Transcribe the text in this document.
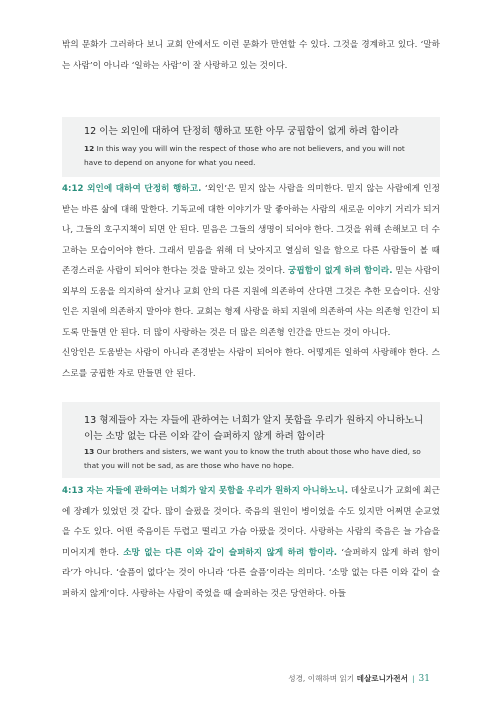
밖의 문화가 그러하다 보니 교회 안에서도 이런 문화가 만연할 수 있다. 그것을 경계하고 있다. ‘말하는 사람’이 아니라 ‘일하는 사람’이 잘 사랑하고 있는 것이다.

12 이는 외인에 대하여 단정히 행하고 또한 아무 궁핍함이 없게 하려 함이라
12 In this way you will win the respect of those who are not believers, and you will not have to depend on anyone for what you need.

4:12 외인에 대하여 단정히 행하고. ‘외인’은 믿지 않는 사람을 의미한다. 믿지 않는 사람에게 인정받는 바른 삶에 대해 말한다. 기독교에 대한 이야기가 말 좋아하는 사람의 새로운 이야기 거리가 되거나, 그들의 호구지책이 되면 안 된다. 믿음은 그들의 생명이 되어야 한다. 그것을 위해 손해보고 더 수고하는 모습이어야 한다. 그래서 믿음을 위해 더 낮아지고 열심히 일을 함으로 다른 사람들이 볼 때 존경스러운 사람이 되어야 한다는 것을 말하고 있는 것이다. 궁핍함이 없게 하려 함이라. 믿는 사람이 외부의 도움을 의지하여 살거나 교회 안의 다른 지원에 의존하여 산다면 그것은 추한 모습이다. 신앙인은 지원에 의존하지 말아야 한다. 교회는 형제 사랑을 하되 지원에 의존하여 사는 의존형 인간이 되도록 만들면 안 된다. 더 많이 사랑하는 것은 더 많은 의존형 인간을 만드는 것이 아니다.
신앙인은 도움받는 사람이 아니라 존경받는 사람이 되어야 한다. 어떻게든 일하여 사랑해야 한다. 스스로를 궁핍한 자로 만들면 안 된다.

13 형제들아 자는 자들에 관하여는 너희가 알지 못함을 우리가 원하지 아니하노니 이는 소망 없는 다른 이와 같이 슬퍼하지 않게 하려 함이라
13 Our brothers and sisters, we want you to know the truth about those who have died, so that you will not be sad, as are those who have no hope.

4:13 자는 자들에 관하여는 너희가 알지 못함을 우리가 원하지 아니하노니. 데살로니가 교회에 최근에 장례가 있었던 것 같다. 많이 슬펐을 것이다. 죽음의 원인이 병이었을 수도 있지만 어쩌면 순교였을 수도 있다. 어떤 죽음이든 두렵고 떨리고 가슴 아팠을 것이다. 사랑하는 사람의 죽음은 늘 가슴을 미어지게 한다. 소망 없는 다른 이와 같이 슬퍼하지 않게 하려 함이라. ‘슬퍼하지 않게 하려 함이라’가 아니다. ‘슬픔이 없다’는 것이 아니라 ‘다른 슬픔’이라는 의미다. ‘소망 없는 다른 이와 같이 슬퍼하지 않게’이다. 사랑하는 사람이 죽었을 때 슬퍼하는 것은 당연하다. 아들

성경, 이해하며 읽기 데살로니가전서 | 31
